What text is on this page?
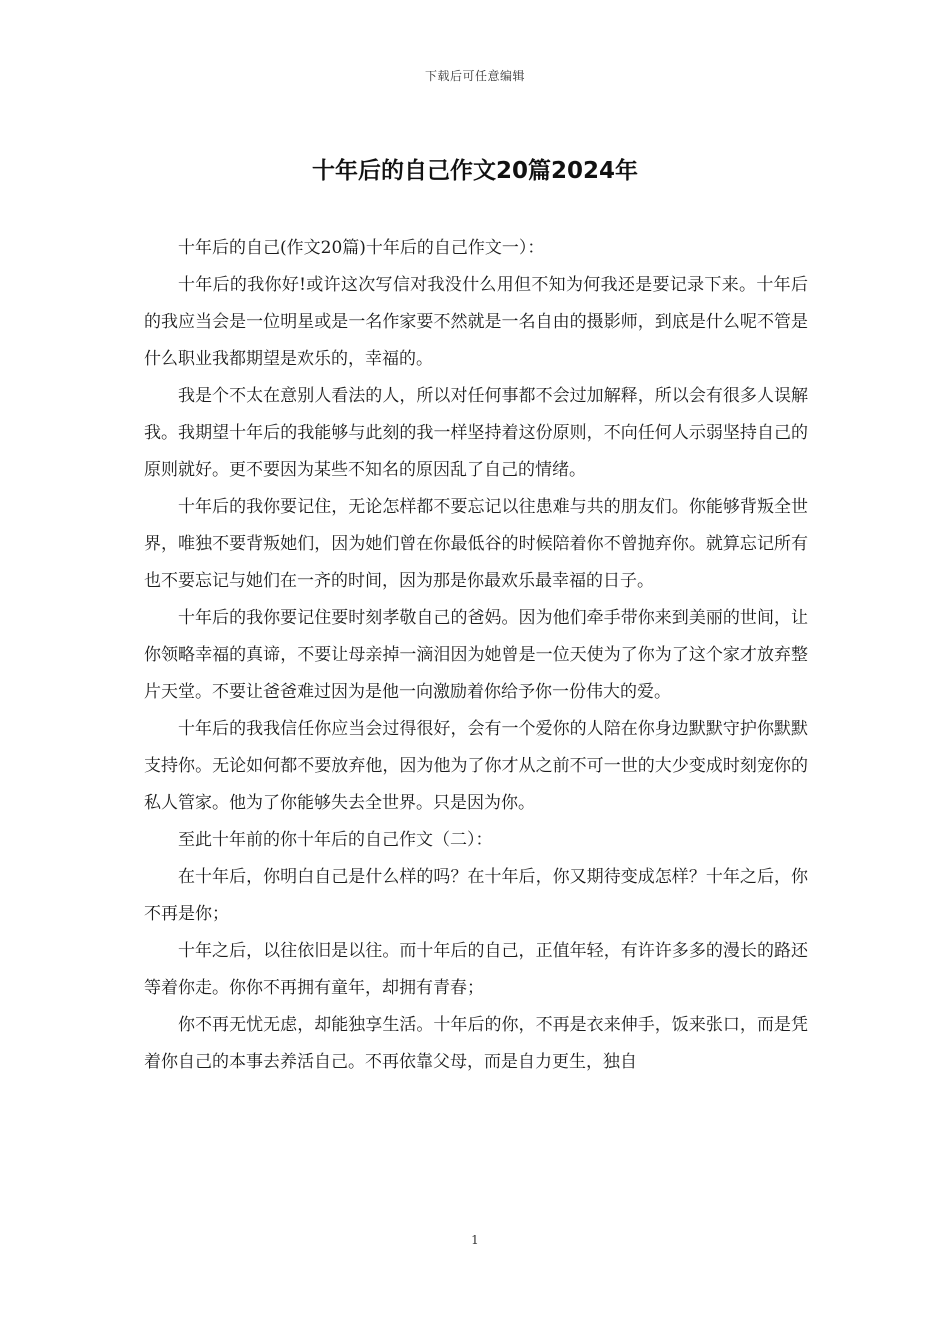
下载后可任意编辑
十年后的自己作文20篇2024年

十年后的自己(作文20篇)十年后的自己作文一）：

十年后的我你好!或许这次写信对我没什么用但不知为何我还是要记录下来。十年后的我应当会是一位明星或是一名作家要不然就是一名自由的摄影师，到底是什么呢不管是什么职业我都期望是欢乐的，幸福的。

我是个不太在意别人看法的人，所以对任何事都不会过加解释，所以会有很多人误解我。我期望十年后的我能够与此刻的我一样坚持着这份原则，不向任何人示弱坚持自己的原则就好。更不要因为某些不知名的原因乱了自己的情绪。

十年后的我你要记住，无论怎样都不要忘记以往患难与共的朋友们。你能够背叛全世界，唯独不要背叛她们，因为她们曾在你最低谷的时候陪着你不曾抛弃你。就算忘记所有也不要忘记与她们在一齐的时间，因为那是你最欢乐最幸福的日子。

十年后的我你要记住要时刻孝敬自己的爸妈。因为他们牵手带你来到美丽的世间，让你领略幸福的真谛，不要让母亲掉一滴泪因为她曾是一位天使为了你为了这个家才放弃整片天堂。不要让爸爸难过因为是他一向激励着你给予你一份伟大的爱。

十年后的我我信任你应当会过得很好，会有一个爱你的人陪在你身边默默守护你默默支持你。无论如何都不要放弃他，因为他为了你才从之前不可一世的大少变成时刻宠你的私人管家。他为了你能够失去全世界。只是因为你。

至此十年前的你十年后的自己作文（二）：

在十年后，你明白自己是什么样的吗？在十年后，你又期待变成怎样？十年之后，你不再是你；

十年之后，以往依旧是以往。而十年后的自己，正值年轻，有许许多多的漫长的路还等着你走。你你不再拥有童年，却拥有青春；

你不再无忧无虑，却能独享生活。十年后的你，不再是衣来伸手，饭来张口，而是凭着你自己的本事去养活自己。不再依靠父母，而是自力更生，独自

1
